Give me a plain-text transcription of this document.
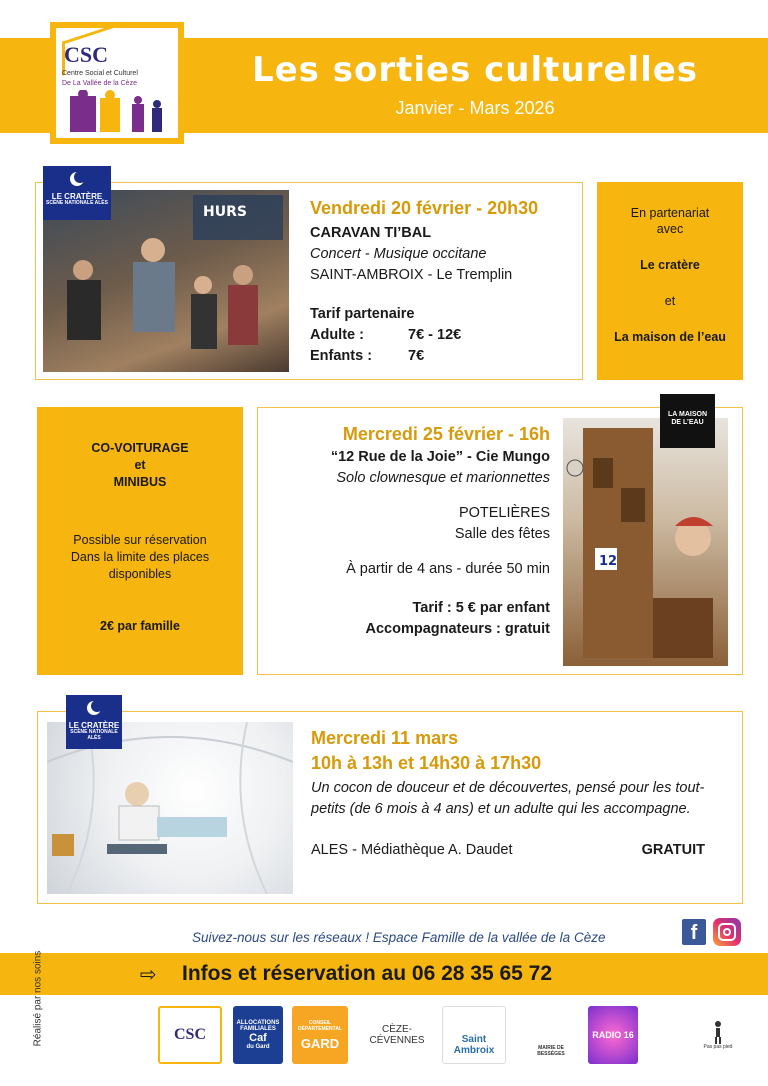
CSC
Centre Social et Culturel
De La Vallée de la Cèze	Les sorties culturelles
Janvier - Mars 2026
HURS
LE CRATÈRE
SCÈNE NATIONALE ALÈS	Vendredi 20 février - 20h30
CARAVAN TI’BAL
Concert - Musique occitane
SAINT-AMBROIX - Le Tremplin
Tarif partenaire
Adulte :	7€ - 12€
Enfants : 7€
En partenariat
avec
Le cratère
et
La maison de l’eau
CO-VOITURAGE
et
MINIBUS
Possible sur réservation
Dans la limite des places
disponibles
2€ par famille
Mercredi 25 février - 16h
“12 Rue de la Joie” - Cie Mungo
Solo clownesque et marionnettes
POTELIÈRES
Salle des fêtes
À partir de 4 ans - durée 50 min
Tarif : 5 € par enfant
Accompagnateurs : gratuit
12
LA MAISON
DE L’EAU
LE CRATÈRE
SCÈNE NATIONALE ALÈS	Mercredi 11 mars
10h à 13h et 14h30 à 17h30
Un cocon de douceur et de découvertes, pensé pour les tout-petits (de 6 mois à 4 ans) et un adulte qui les accompagne.
ALES - Médiathèque A. Daudet	GRATUIT
Suivez-nous sur les réseaux ! Espace Famille de la vallée de la Cèze	f
⇨ Infos et réservation au 06 28 35 65 72
Réalisé par nos soins	CSC
ALLOCATIONS
FAMILIALES
Caf
du Gard
CONSEIL DÉPARTEMENTAL
GARD
CÈZE-
CÉVENNES	Saint Ambroix	MAIRIE DE BESSÈGES
RADIO 16
Pas pas pied
